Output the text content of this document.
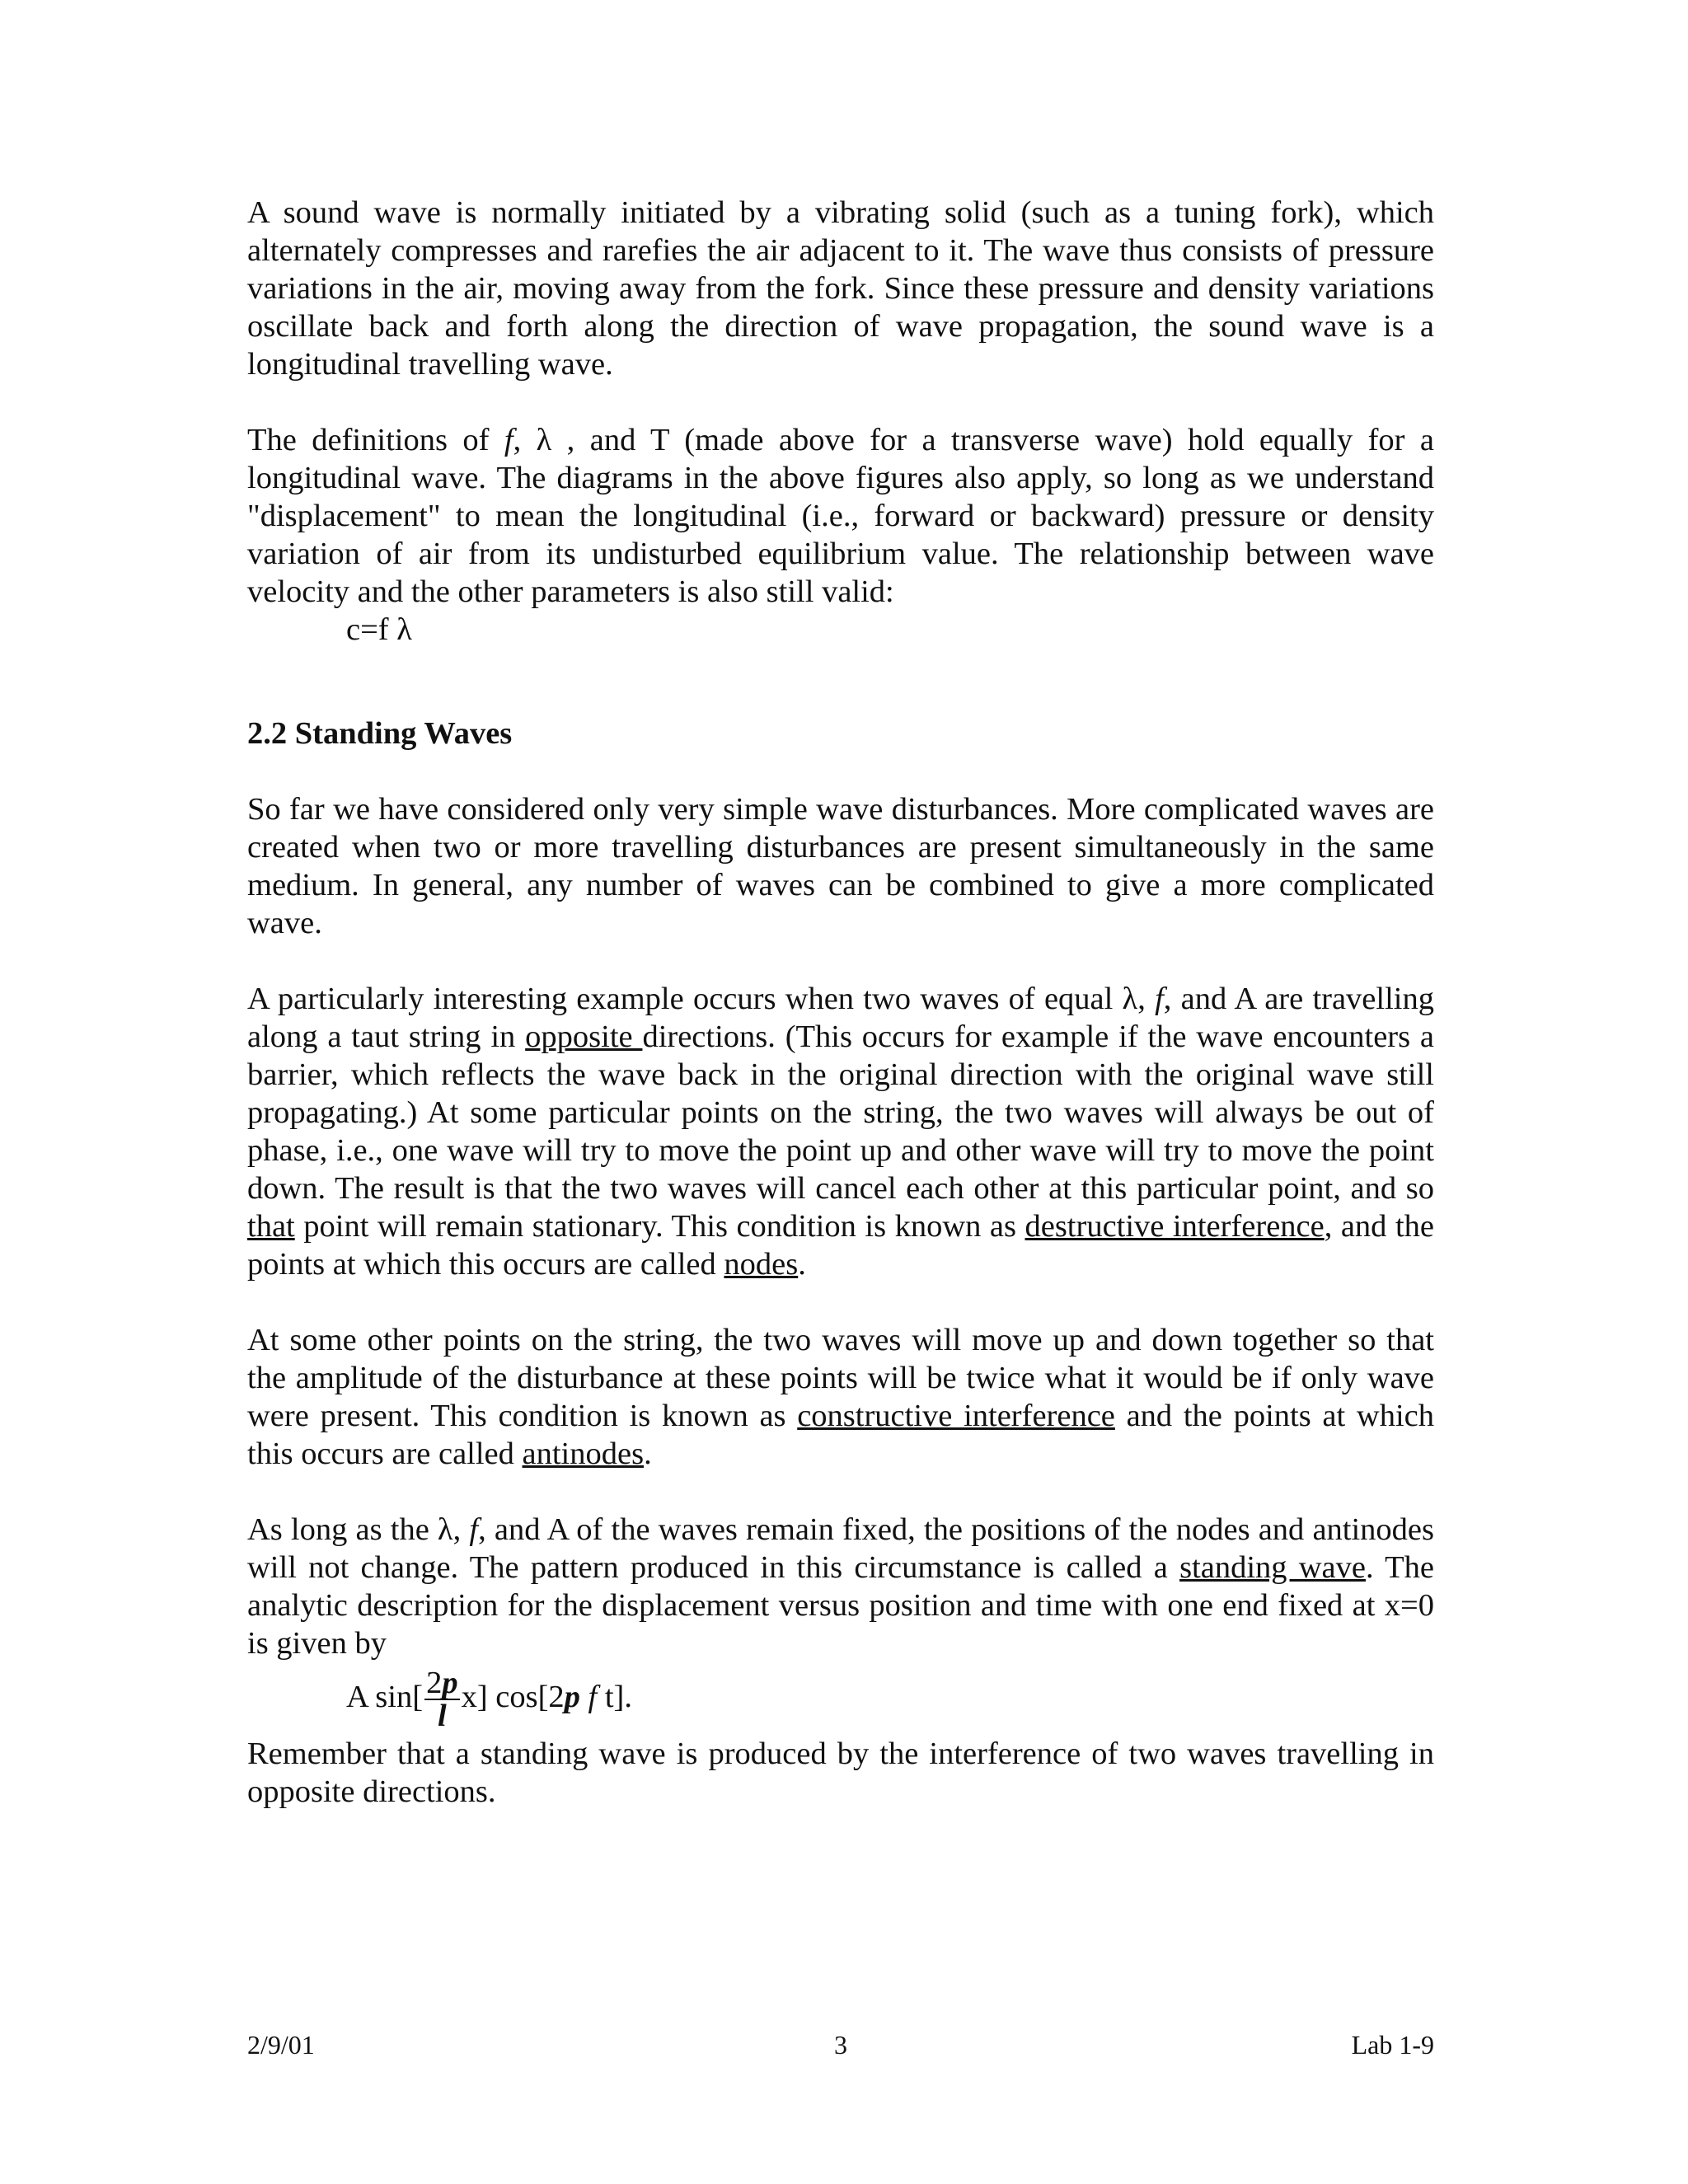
A sound wave is normally initiated by a vibrating solid (such as a tuning fork), which alternately compresses and rarefies the air adjacent to it. The wave thus consists of pressure variations in the air, moving away from the fork. Since these pressure and density variations oscillate back and forth along the direction of wave propagation, the sound wave is a longitudinal travelling wave.

The definitions of f, λ , and T (made above for a transverse wave) hold equally for a longitudinal wave. The diagrams in the above figures also apply, so long as we understand "displacement" to mean the longitudinal (i.e., forward or backward) pressure or density variation of air from its undisturbed equilibrium value. The relationship between wave velocity and the other parameters is also still valid:

c=f λ

2.2 Standing Waves

So far we have considered only very simple wave disturbances. More complicated waves are created when two or more travelling disturbances are present simultaneously in the same medium. In general, any number of waves can be combined to give a more complicated wave.

A particularly interesting example occurs when two waves of equal λ, f, and A are travelling along a taut string in opposite directions. (This occurs for example if the wave encounters a barrier, which reflects the wave back in the original direction with the original wave still propagating.) At some particular points on the string, the two waves will always be out of phase, i.e., one wave will try to move the point up and other wave will try to move the point down. The result is that the two waves will cancel each other at this particular point, and so that point will remain stationary. This condition is known as destructive interference, and the points at which this occurs are called nodes.

At some other points on the string, the two waves will move up and down together so that the amplitude of the disturbance at these points will be twice what it would be if only wave were present. This condition is known as constructive interference and the points at which this occurs are called antinodes.

As long as the λ, f, and A of the waves remain fixed, the positions of the nodes and antinodes will not change. The pattern produced in this circumstance is called a standing wave. The analytic description for the displacement versus position and time with one end fixed at x=0 is given by

A $\sin[ \frac{2p}{l} x]$ cos[2p f t].

Remember that a standing wave is produced by the interference of two waves travelling in opposite directions.

2/9/01	3	Lab 1-9
